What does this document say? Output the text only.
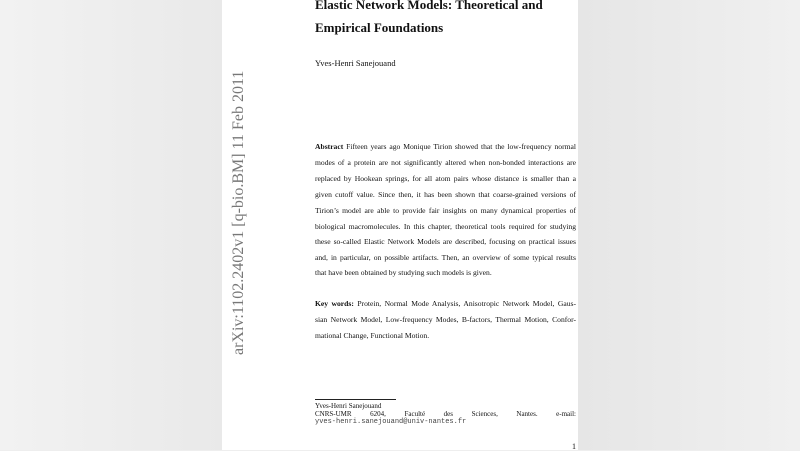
arXiv:1102.2402v1 [q-bio.BM] 11 Feb 2011
Elastic Network Models: Theoretical and
Empirical Foundations
Yves-Henri Sanejouand
Abstract Fifteen years ago Monique Tirion showed that the low-frequency normal
modes of a protein are not significantly altered when non-bonded interactions are
replaced by Hookean springs, for all atom pairs whose distance is smaller than a
given cutoff value. Since then, it has been shown that coarse-grained versions of
Tirion’s model are able to provide fair insights on many dynamical properties of
biological macromolecules. In this chapter, theoretical tools required for studying
these so-called Elastic Network Models are described, focusing on practical issues
and, in particular, on possible artifacts. Then, an overview of some typical results
that have been obtained by studying such models is given.
Key words: Protein, Normal Mode Analysis, Anisotropic Network Model, Gaus-
sian Network Model, Low-frequency Modes, B-factors, Thermal Motion, Confor-
mational Change, Functional Motion.
Yves-Henri Sanejouand
CNRS-UMR 6204, Faculté des Sciences, Nantes. e-mail:
yves-henri.sanejouand@univ-nantes.fr
1
